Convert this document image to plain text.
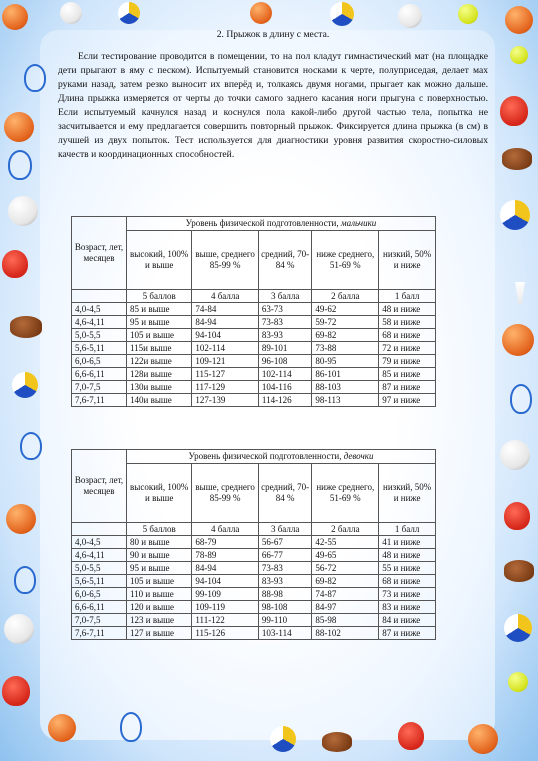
2. Прыжок в длину с места.

Если тестирование проводится в помещении, то на пол кладут гимнастический мат (на площадке дети прыгают в яму с песком). Испытуемый становится носками к черте, полуприседая, делает мах руками назад, затем резко выносит их вперёд и, толкаясь двумя ногами, прыгает как можно дальше. Длина прыжка измеряется от черты до точки самого заднего касания ноги прыгуна с поверхностью. Если испытуемый качнулся назад и коснулся пола какой-либо другой частью тела, попытка не засчитывается и ему предлагается совершить повторный прыжок. Фиксируется длина прыжка (в см) в лучшей из двух попыток. Тест используется для диагностики уровня развития скоростно-силовых качеств и координационных способностей.

Возраст, лет, месяцев	Уровень физической подготовленности, мальчики				
	высокий, 100% и выше	выше, среднего 85-99 %	средний, 70-84 %	ниже среднего, 51-69 %	низкий, 50% и ниже
	5 баллов	4 балла	3 балла	2 балла	1 балл
4,0-4,5	85 и выше	74-84	63-73	49-62	48 и ниже
4,6-4,11	95 и выше	84-94	73-83	59-72	58 и ниже
5,0-5,5	105 и выше	94-104	83-93	69-82	68 и ниже
5,6-5,11	115и выше	102-114	89-101	73-88	72 и ниже
6,0-6,5	122и выше	109-121	96-108	80-95	79 и ниже
6,6-6,11	128и выше	115-127	102-114	86-101	85 и ниже
7,0-7,5	130и выше	117-129	104-116	88-103	87 и ниже
7,6-7,11	140и выше	127-139	114-126	98-113	97 и ниже
Возраст, лет, месяцев	Уровень физической подготовленности, девочки				
	высокий, 100% и выше	выше, среднего 85-99 %	средний, 70-84 %	ниже среднего, 51-69 %	низкий, 50% и ниже
	5 баллов	4 балла	3 балла	2 балла	1 балл
4,0-4,5	80 и выше	68-79	56-67	42-55	41 и ниже
4,6-4,11	90 и выше	78-89	66-77	49-65	48 и ниже
5,0-5,5	95 и выше	84-94	73-83	56-72	55 и ниже
5,6-5,11	105 и выше	94-104	83-93	69-82	68 и ниже
6,0-6,5	110 и выше	99-109	88-98	74-87	73 и ниже
6,6-6,11	120 и выше	109-119	98-108	84-97	83 и ниже
7,0-7,5	123 и выше	111-122	99-110	85-98	84 и ниже
7,6-7,11	127 и выше	115-126	103-114	88-102	87 и ниже
